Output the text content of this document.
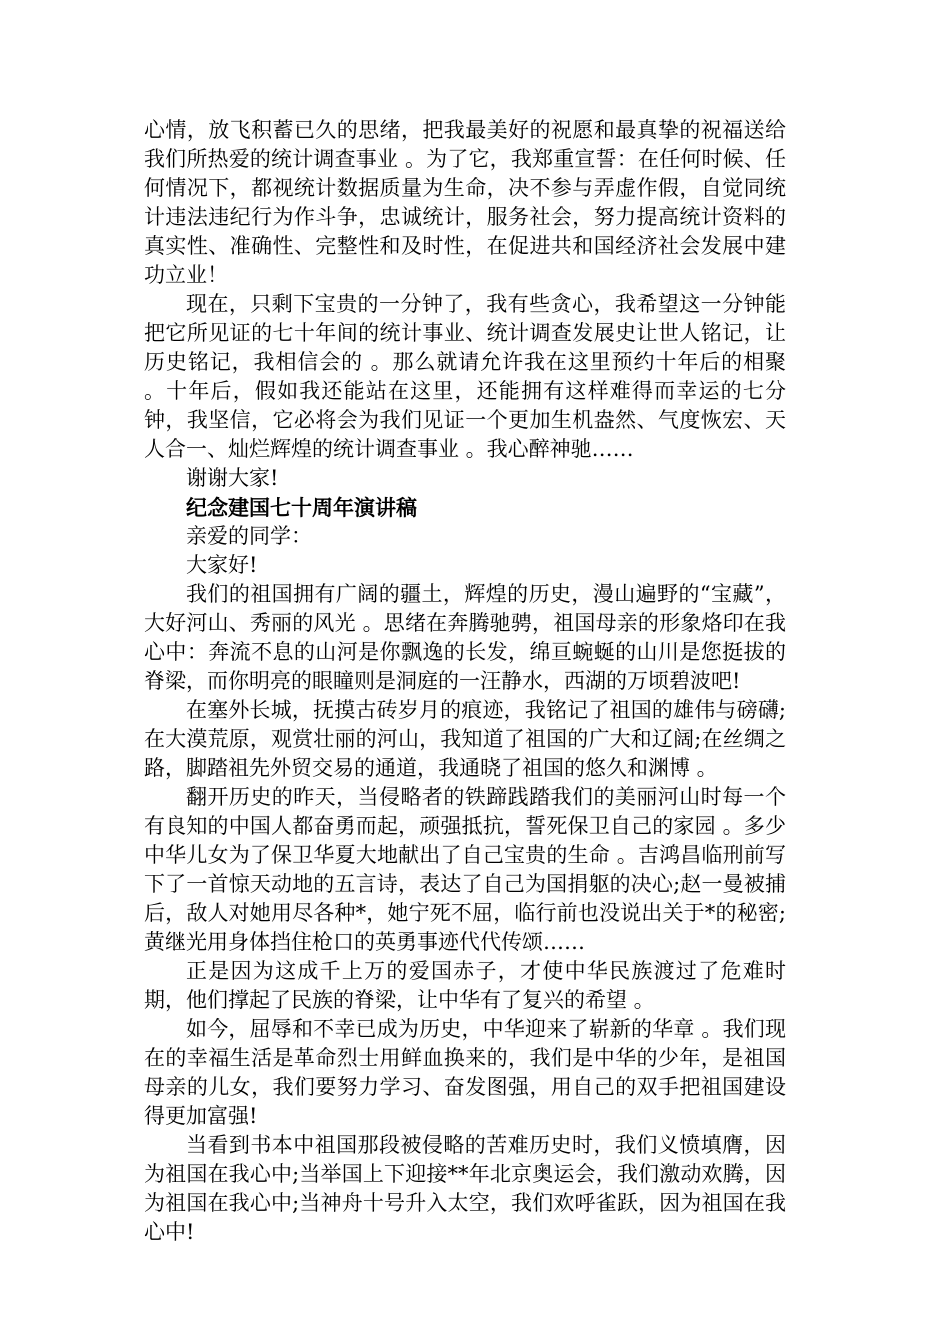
心情，放飞积蓄已久的思绪，把我最美好的祝愿和最真挚的祝福送给我们所热爱的统计调查事业 。为了它，我郑重宣誓：在任何时候、任何情况下，都视统计数据质量为生命，决不参与弄虚作假，自觉同统计违法违纪行为作斗争，忠诚统计，服务社会，努力提高统计资料的真实性、准确性、完整性和及时性，在促进共和国经济社会发展中建功立业！

现在，只剩下宝贵的一分钟了，我有些贪心，我希望这一分钟能把它所见证的七十年间的统计事业、统计调查发展史让世人铭记，让历史铭记，我相信会的 。那么就请允许我在这里预约十年后的相聚 。十年后，假如我还能站在这里，还能拥有这样难得而幸运的七分钟，我坚信，它必将会为我们见证一个更加生机盎然、气度恢宏、天人合一、灿烂辉煌的统计调查事业 。我心醉神驰……

谢谢大家!

纪念建国七十周年演讲稿

亲爱的同学：

大家好!

我们的祖国拥有广阔的疆土，辉煌的历史，漫山遍野的“宝藏”，大好河山、秀丽的风光 。思绪在奔腾驰骋，祖国母亲的形象烙印在我心中：奔流不息的山河是你飘逸的长发，绵亘蜿蜒的山川是您挺拔的脊梁，而你明亮的眼瞳则是洞庭的一汪静水，西湖的万顷碧波吧!

在塞外长城，抚摸古砖岁月的痕迹，我铭记了祖国的雄伟与磅礴;在大漠荒原，观赏壮丽的河山，我知道了祖国的广大和辽阔;在丝绸之路，脚踏祖先外贸交易的通道，我通晓了祖国的悠久和渊博 。

翻开历史的昨天，当侵略者的铁蹄践踏我们的美丽河山时每一个有良知的中国人都奋勇而起，顽强抵抗，誓死保卫自己的家园 。多少中华儿女为了保卫华夏大地献出了自己宝贵的生命 。吉鸿昌临刑前写下了一首惊天动地的五言诗，表达了自己为国捐躯的决心;赵一曼被捕后，敌人对她用尽各种*，她宁死不屈，临行前也没说出关于*的秘密;黄继光用身体挡住枪口的英勇事迹代代传颂……

正是因为这成千上万的爱国赤子，才使中华民族渡过了危难时期，他们撑起了民族的脊梁，让中华有了复兴的希望 。

如今，屈辱和不幸已成为历史，中华迎来了崭新的华章 。我们现在的幸福生活是革命烈士用鲜血换来的，我们是中华的少年，是祖国母亲的儿女，我们要努力学习、奋发图强，用自己的双手把祖国建设得更加富强!

当看到书本中祖国那段被侵略的苦难历史时，我们义愤填膺，因为祖国在我心中;当举国上下迎接**年北京奥运会，我们激动欢腾，因为祖国在我心中;当神舟十号升入太空，我们欢呼雀跃，因为祖国在我心中!
